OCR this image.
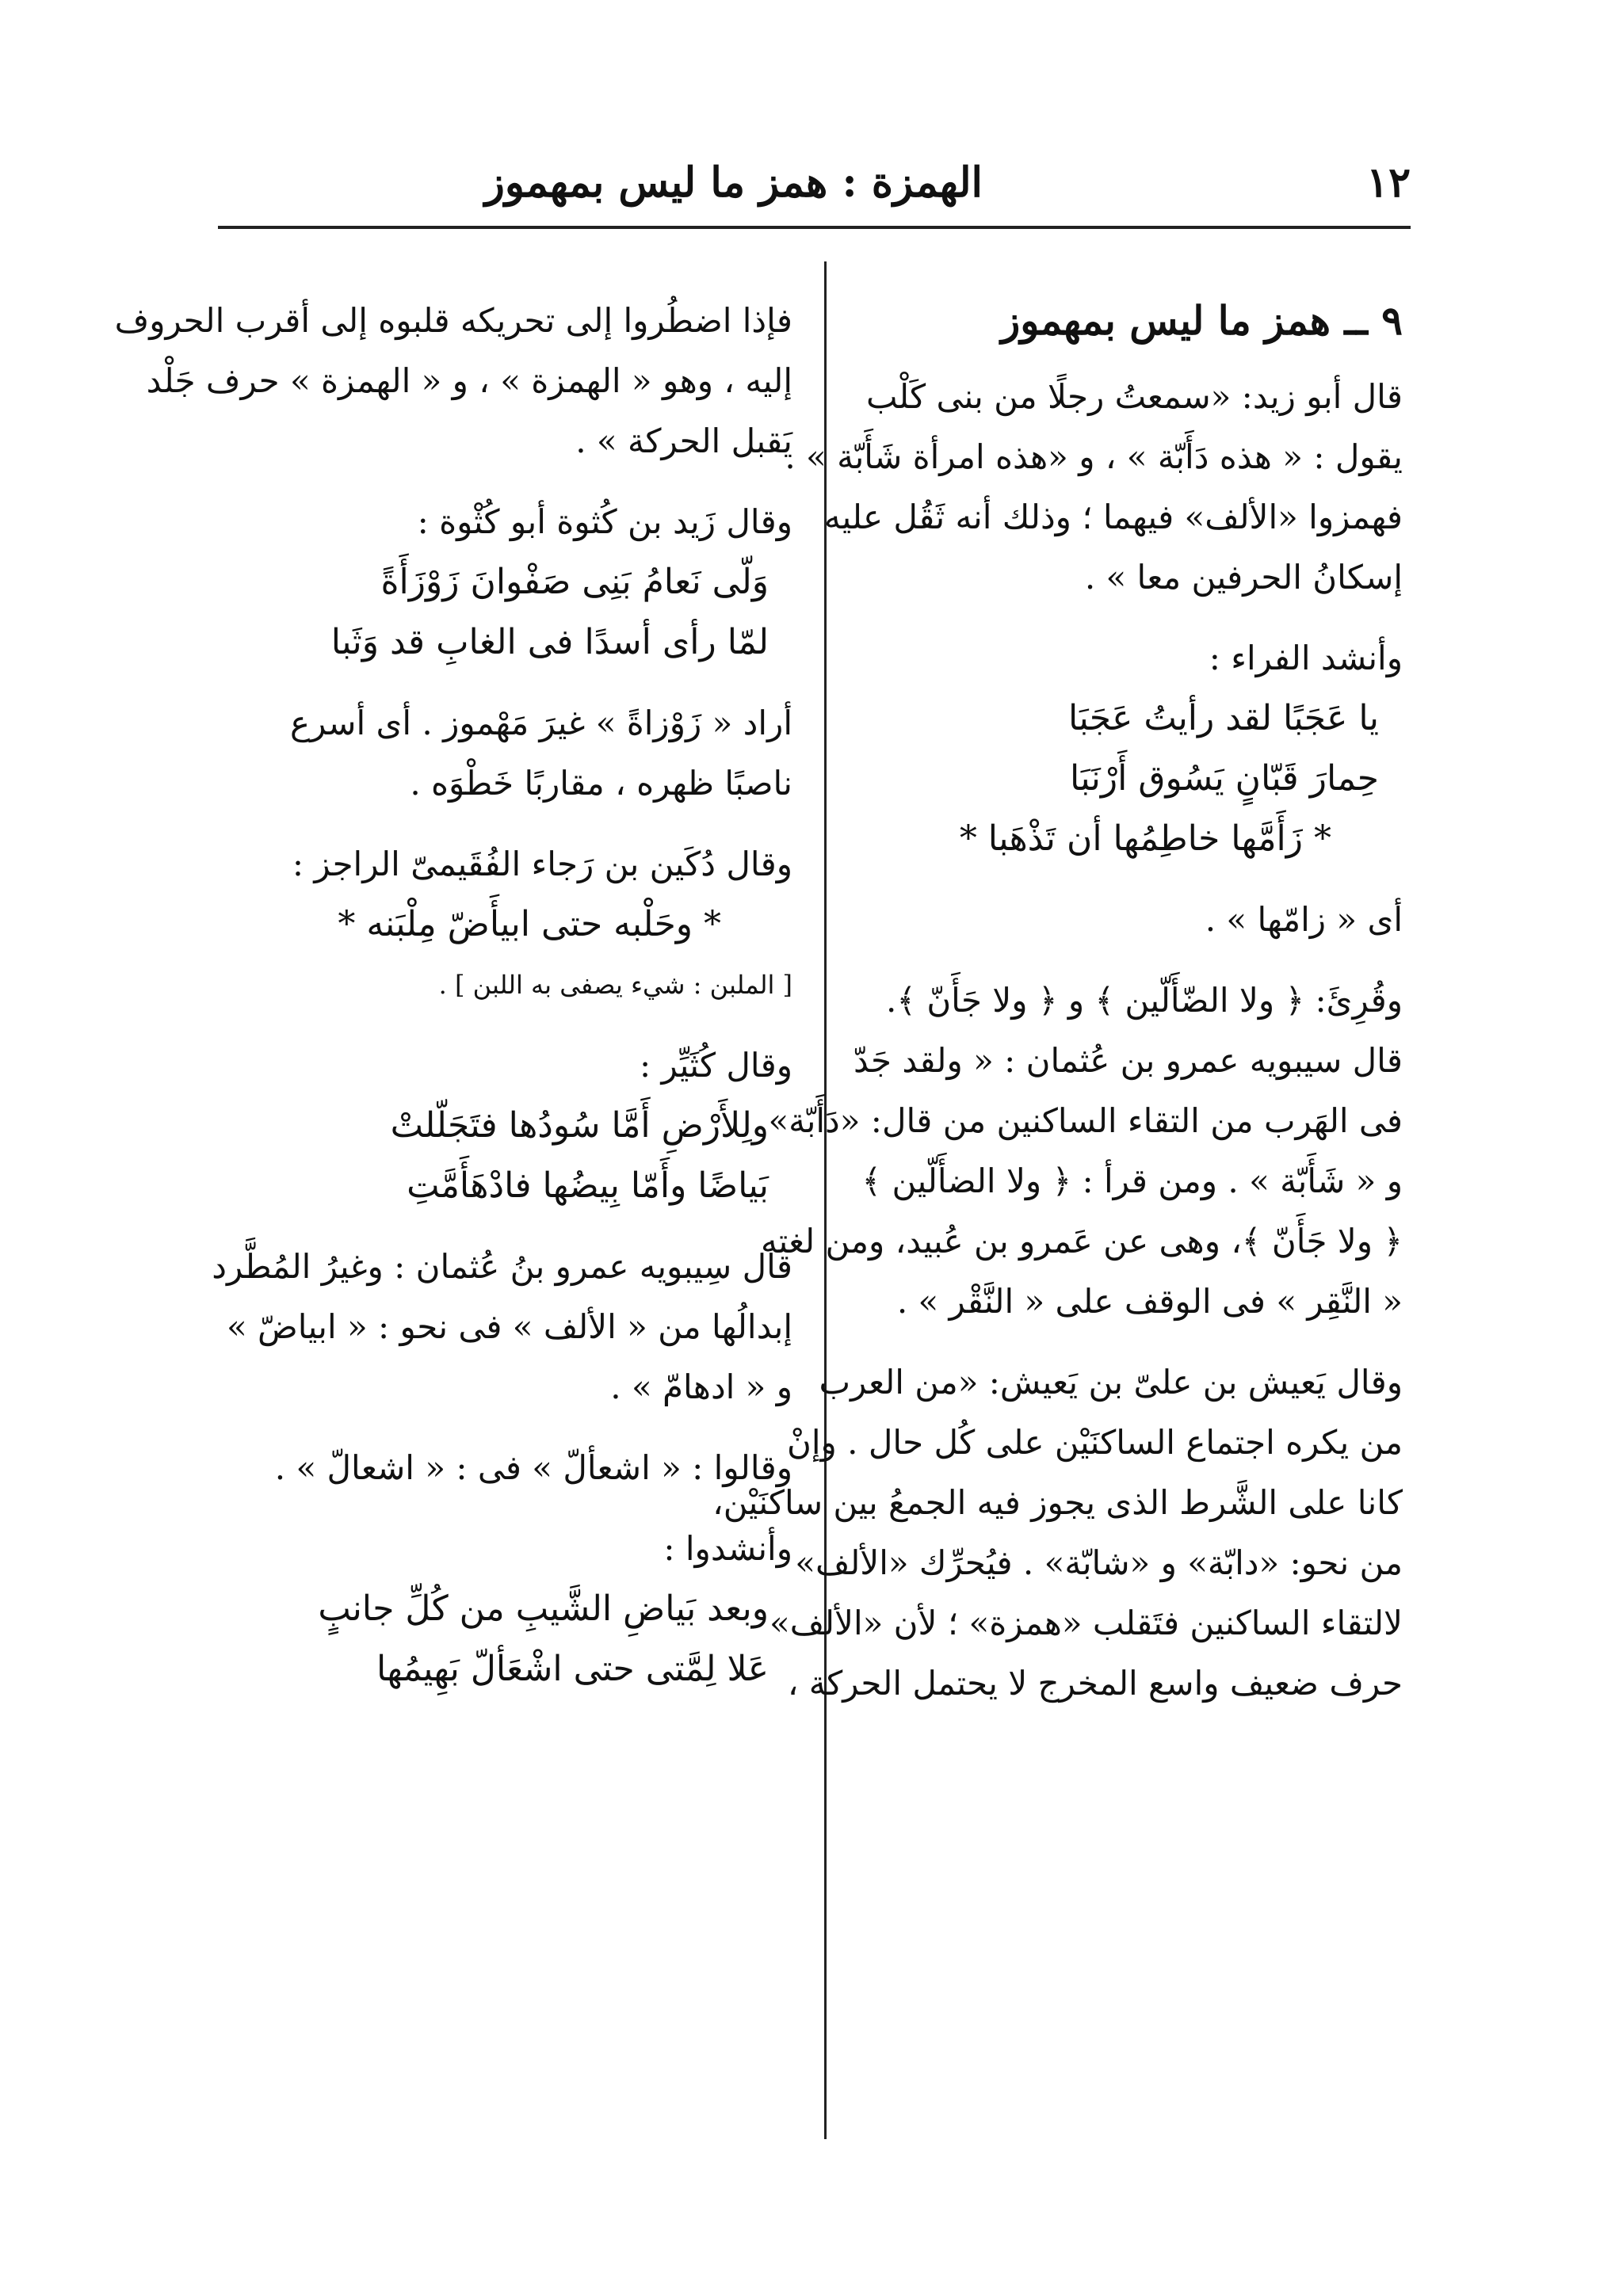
١٢
الهمزة : همز ما ليس بمهموز
٩ ــ همز ما ليس بمهموز
قال أبو زيد: «سمعتُ رجلًا من بنى كَلْب
يقول : « هذه دَأَبّة » ، و «هذه امرأة شَأَبّة » .
فهمزوا «الألف» فيهما ؛ وذلك أنه ثَقُل عليه
إسكانُ الحرفين معا » .
وأنشد الفراء :
يا عَجَبًا لقد رأيتُ عَجَبَا
حِمارَ قَبّانٍ يَسُوق أَرْنَبَا
* زَأَمَّها خاطِمُها أن تَذْهَبا *
أى « زامّها » .
وقُرِئَ: ﴿ ولا الضّأَلّين ﴾ و ﴿ ولا جَأَنّ ﴾.
قال سيبويه عمرو بن عُثمان : « ولقد جَدّ
فى الهَرب من التقاء الساكنين من قال: «دَأَبّة»
و « شَأَبّة » . ومن قرأ : ﴿ ولا الضأَلّين ﴾
﴿ ولا جَأَنّ ﴾، وهى عن عَمرو بن عُبيد، ومن لغته
« النَّقِر » فى الوقف على « النَّقْر » .
وقال يَعيش بن علىّ بن يَعيش: «من العرب
من يكره اجتماع الساكنَيْن على كُل حال . وإنْ
كانا على الشَّرط الذى يجوز فيه الجمعُ بين ساكنَيْن،
من نحو: «دابّة» و «شابّة» . فيُحرِّك «الألف»
لالتقاء الساكنين فتَقلب «همزة» ؛ لأن «الألف»
حرف ضعيف واسع المخرج لا يحتمل الحركة ،
فإذا اضطُروا إلى تحريكه قلبوه إلى أقرب الحروف
إليه ، وهو « الهمزة » ، و « الهمزة » حرف جَلْد
يَقبل الحركة » .
وقال زَيد بن كُثوة أبو كُثْوة :
وَلّى نَعامُ بَنِى صَفْوانَ زَوْزَأَةً
لمّا رأى أسدًا فى الغابِ قد وَثَبا
أراد « زَوْزاةً » غيرَ مَهْموز . أى أسرع
ناصبًا ظهره ، مقاربًا خَطْوَه .
وقال دُكَين بن رَجاء الفُقَيمىّ الراجز :
* وحَلْبه حتى ابيأَضّ مِلْبَنه *
[ الملبن : شيء يصفى به اللبن ] .
وقال كُثَيِّر :
ولِلأَرْضِ أَمَّا سُودُها فتَجَلّلتْ
بَياضًا وأَمّا بِيضُها فادْهَأَمَّتِ
قال سِيبويه عمرو بنُ عُثمان : وغيرُ المُطَّرد
إبدالُها من « الألف » فى نحو : « ابياضّ »
و « ادهامّ » .
وقالوا : « اشعألّ » فى : « اشعالّ » .
وأنشدوا :
وبعد بَياضِ الشَّيبِ من كُلِّ جانبٍ
عَلا لِمَّتى حتى اشْعَألّ بَهِيمُها
